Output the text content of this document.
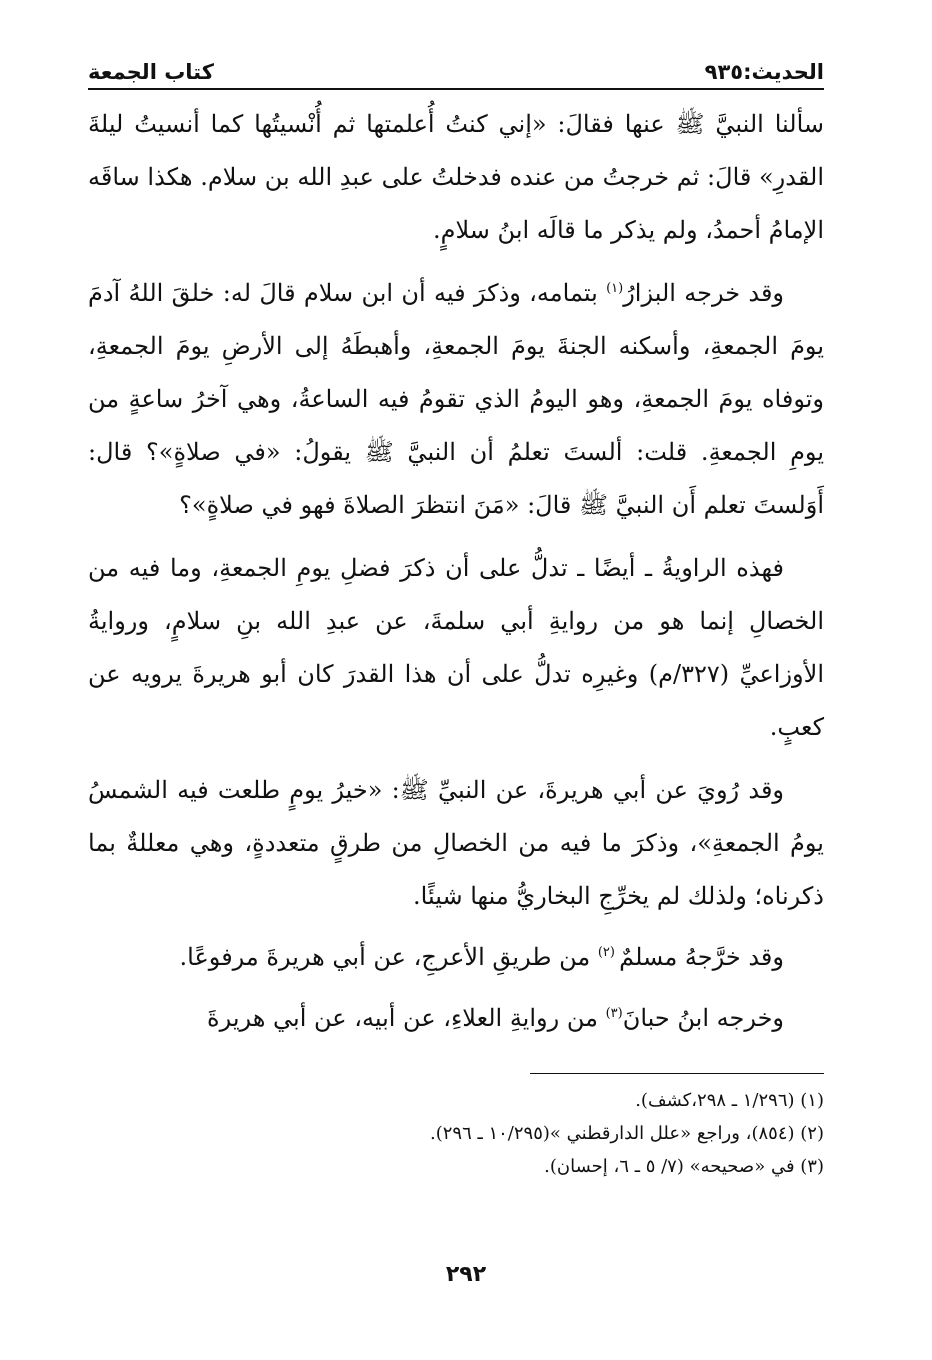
الحديث:٩٣٥
كتاب الجمعة

سألنا النبيَّ ﷺ عنها فقالَ: «إني كنتُ أُعلمتها ثم أُنْسيتُها كما أنسيتُ ليلةَ القدرِ» قالَ: ثم خرجتُ من عنده فدخلتُ على عبدِ الله بن سلام. هكذا ساقَه الإمامُ أحمدُ، ولم يذكر ما قالَه ابنُ سلامٍ.

وقد خرجه البزارُ$^{(١)}$ بتمامه، وذكرَ فيه أن ابن سلام قالَ له: خلقَ اللهُ آدمَ يومَ الجمعةِ، وأسكنه الجنةَ يومَ الجمعةِ، وأهبطَهُ إلى الأرضِ يومَ الجمعةِ، وتوفاه يومَ الجمعةِ، وهو اليومُ الذي تقومُ فيه الساعةُ، وهي آخرُ ساعةٍ من يومِ الجمعةِ. قلت: ألستَ تعلمُ أن النبيَّ ﷺ يقولُ: «في صلاةٍ»؟ قال: أَوَلستَ تعلم أَن النبيَّ ﷺ قالَ: «مَنَ انتظرَ الصلاةَ فهو في صلاةٍ»؟

فهذه الراويةُ ـ أيضًا ـ تدلُّ على أن ذكرَ فضلِ يومِ الجمعةِ، وما فيه من الخصالِ إنما هو من روايةِ أبي سلمةَ، عن عبدِ الله بنِ سلامٍ، وروايةُ الأوزاعيِّ (٣٢٧/م) وغيرِه تدلُّ على أن هذا القدرَ كان أبو هريرةَ يرويه عن كعبٍ.

وقد رُويَ عن أبي هريرةَ، عن النبيِّ ﷺ: «خيرُ يومٍ طلعت فيه الشمسُ يومُ الجمعةِ»، وذكرَ ما فيه من الخصالِ من طرقٍ متعددةٍ، وهي معللةٌ بما ذكرناه؛ ولذلك لم يخرِّجِ البخاريُّ منها شيئًا.

وقد خرَّجهُ مسلمٌ $^{(٢)}$ من طريقِ الأعرجِ، عن أبي هريرةَ مرفوعًا.

وخرجه ابنُ حبانَ$^{(٣)}$ من روايةِ العلاءِ، عن أبيه، عن أبي هريرةَ

(١) (١/٢٩٦ ـ ٢٩٨،كشف).

(٢) (٨٥٤)، وراجع «علل الدارقطني »(١٠/٢٩٥ ـ ٢٩٦).

(٣) في «صحيحه» (٧/ ٥ ـ ٦، إحسان).

٢٩٢
